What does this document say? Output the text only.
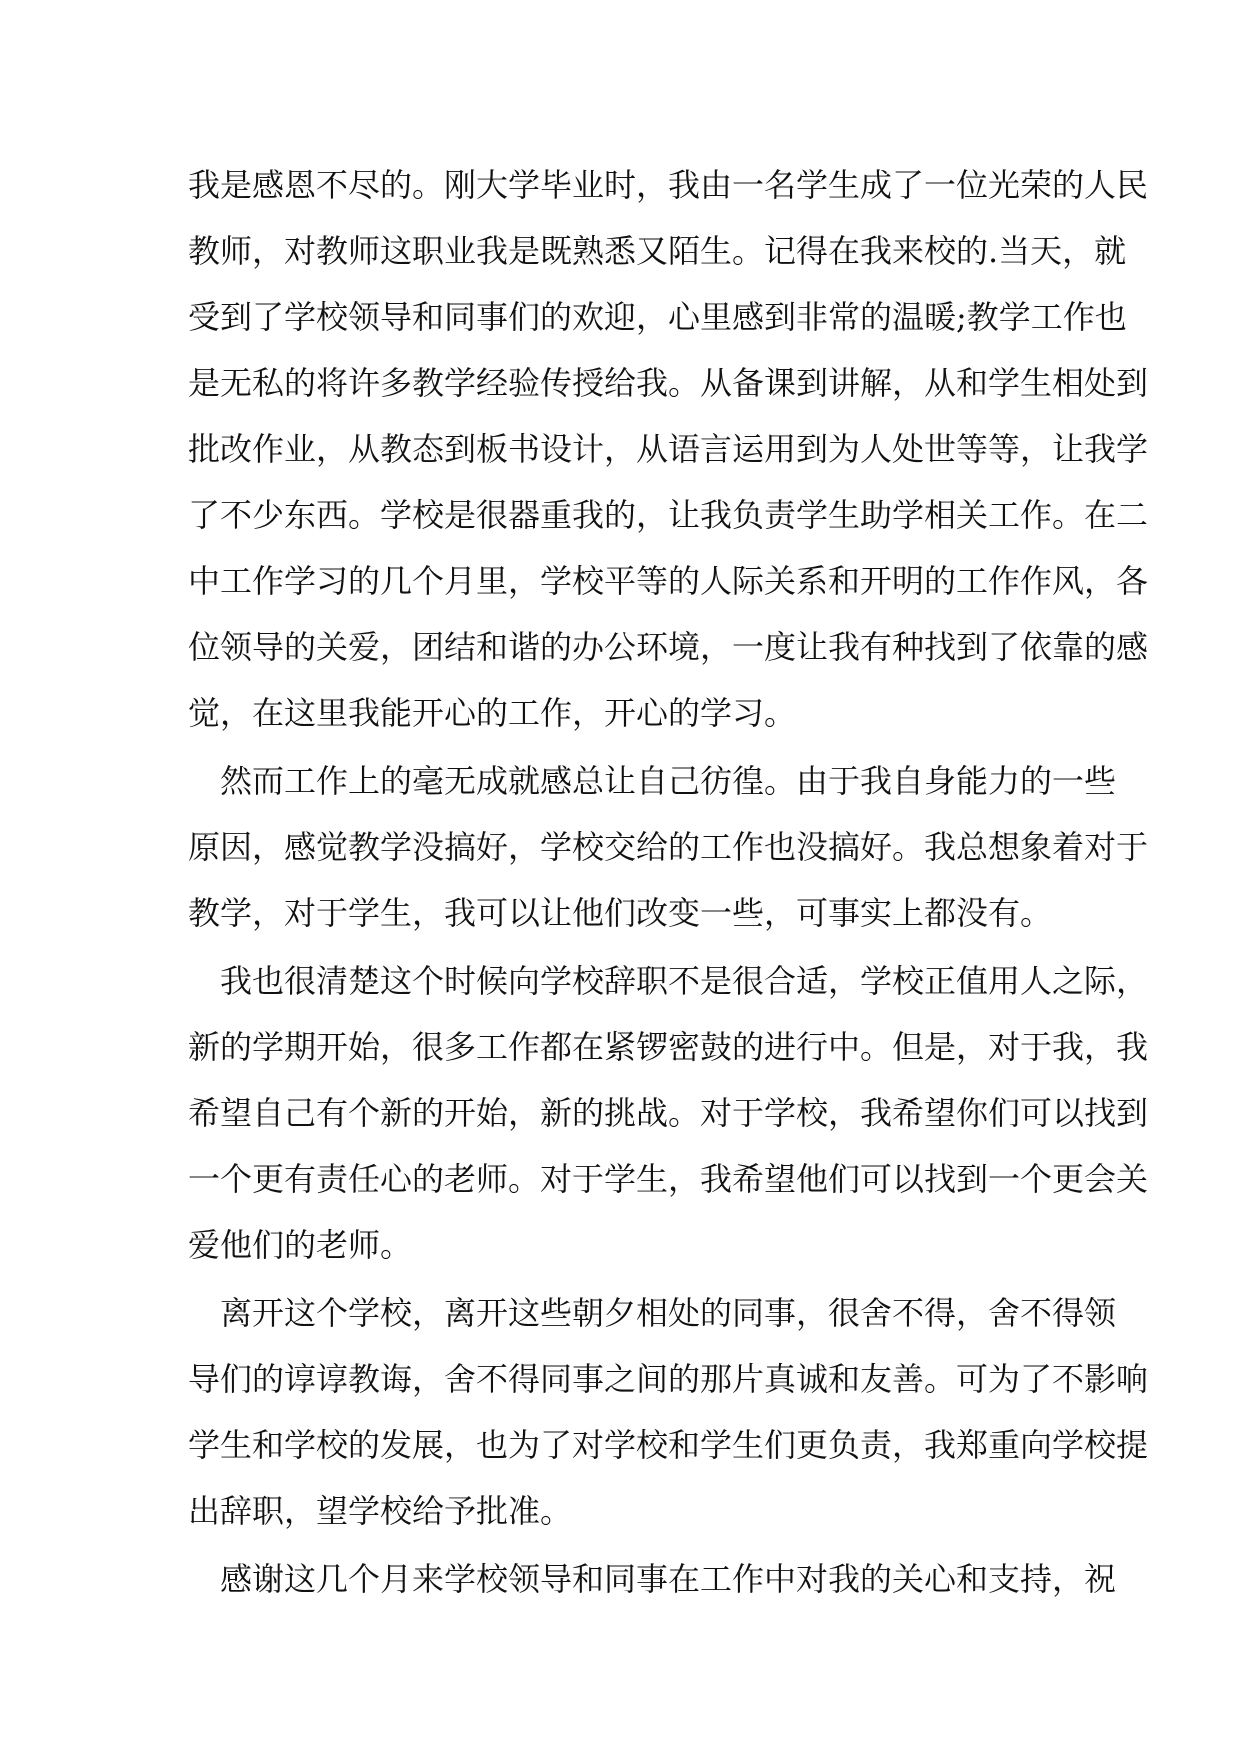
我是感恩不尽的。刚大学毕业时，我由一名学生成了一位光荣的人民
教师，对教师这职业我是既熟悉又陌生。记得在我来校的.当天，就
受到了学校领导和同事们的欢迎，心里感到非常的温暖;教学工作也
是无私的将许多教学经验传授给我。从备课到讲解，从和学生相处到
批改作业，从教态到板书设计，从语言运用到为人处世等等，让我学
了不少东西。学校是很器重我的，让我负责学生助学相关工作。在二
中工作学习的几个月里，学校平等的人际关系和开明的工作作风，各
位领导的关爱，团结和谐的办公环境，一度让我有种找到了依靠的感
觉，在这里我能开心的工作，开心的学习。
　然而工作上的毫无成就感总让自己彷徨。由于我自身能力的一些
原因，感觉教学没搞好，学校交给的工作也没搞好。我总想象着对于
教学，对于学生，我可以让他们改变一些，可事实上都没有。
　我也很清楚这个时候向学校辞职不是很合适，学校正值用人之际，
新的学期开始，很多工作都在紧锣密鼓的进行中。但是，对于我，我
希望自己有个新的开始，新的挑战。对于学校，我希望你们可以找到
一个更有责任心的老师。对于学生，我希望他们可以找到一个更会关
爱他们的老师。
　离开这个学校，离开这些朝夕相处的同事，很舍不得，舍不得领
导们的谆谆教诲，舍不得同事之间的那片真诚和友善。可为了不影响
学生和学校的发展，也为了对学校和学生们更负责，我郑重向学校提
出辞职，望学校给予批准。
　感谢这几个月来学校领导和同事在工作中对我的关心和支持，祝
